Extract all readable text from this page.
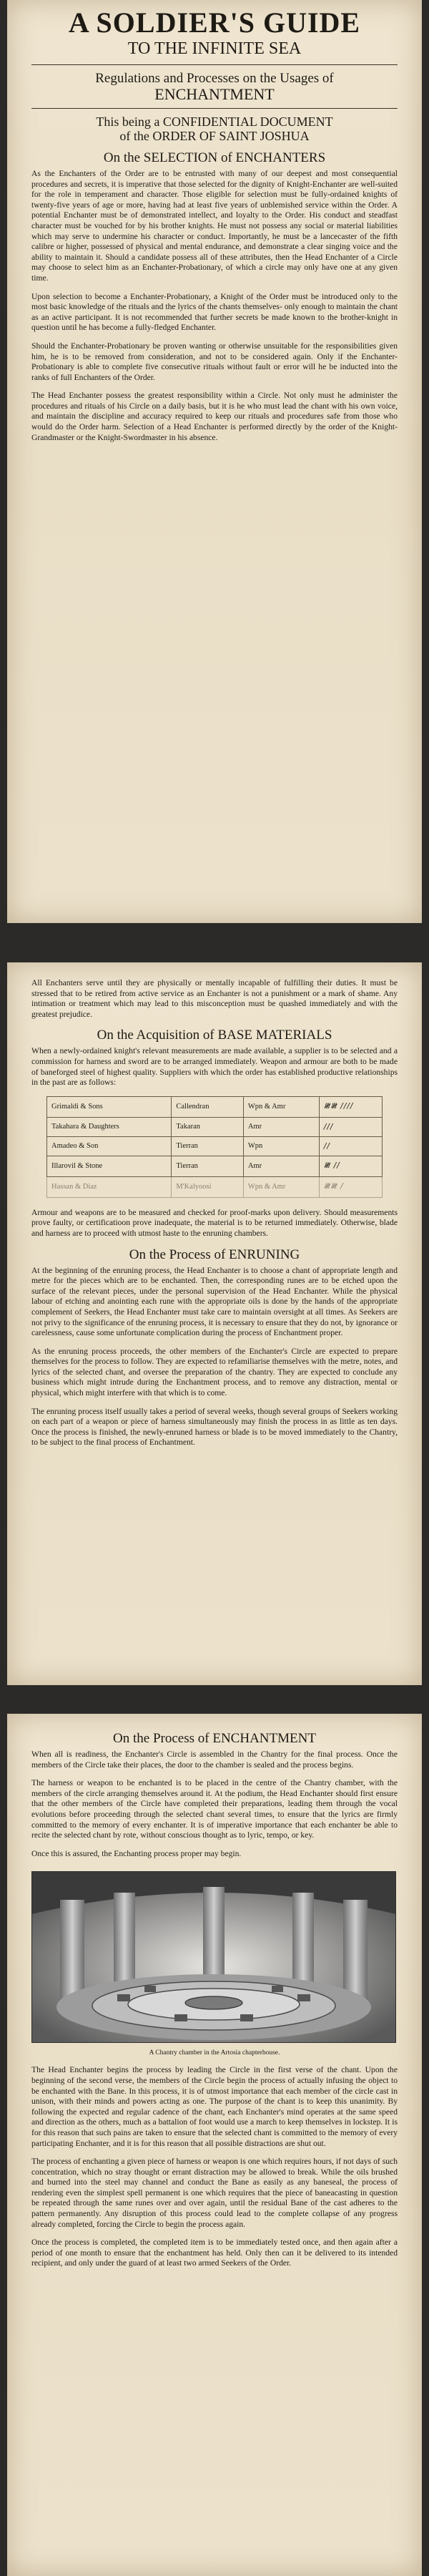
A SOLDIER'S GUIDE
TO THE INFINITE SEA
Regulations and Processes on the Usages of
ENCHANTMENT
This being a CONFIDENTIAL DOCUMENT
of the ORDER OF SAINT JOSHUA
On the SELECTION of ENCHANTERS

As the Enchanters of the Order are to be entrusted with many of our deepest and most consequential procedures and secrets, it is imperative that those selected for the dignity of Knight-Enchanter are well-suited for the role in temperament and character. Those eligible for selection must be fully-ordained knights of twenty-five years of age or more, having had at least five years of unblemished service within the Order. A potential Enchanter must be of demonstrated intellect, and loyalty to the Order. His conduct and steadfast character must be vouched for by his brother knights. He must not possess any social or material liabilities which may serve to undermine his character or conduct. Importantly, he must be a lancecaster of the fifth calibre or higher, possessed of physical and mental endurance, and demonstrate a clear singing voice and the ability to maintain it. Should a candidate possess all of these attributes, then the Head Enchanter of a Circle may choose to select him as an Enchanter-Probationary, of which a circle may only have one at any given time.

Upon selection to become a Enchanter-Probationary, a Knight of the Order must be introduced only to the most basic knowledge of the rituals and the lyrics of the chants themselves- only enough to maintain the chant as an active participant. It is not recommended that further secrets be made known to the brother-knight in question until he has become a fully-fledged Enchanter.

Should the Enchanter-Probationary be proven wanting or otherwise unsuitable for the responsibilities given him, he is to be removed from consideration, and not to be considered again. Only if the Enchanter-Probationary is able to complete five consecutive rituals without fault or error will he be inducted into the ranks of full Enchanters of the Order.

The Head Enchanter possess the greatest responsibility within a Circle. Not only must he administer the procedures and rituals of his Circle on a daily basis, but it is he who must lead the chant with his own voice, and maintain the discipline and accuracy required to keep our rituals and procedures safe from those who would do the Order harm. Selection of a Head Enchanter is performed directly by the order of the Knight-Grandmaster or the Knight-Swordmaster in his absence.

All Enchanters serve until they are physically or mentally incapable of fulfilling their duties. It must be stressed that to be retired from active service as an Enchanter is not a punishment or a mark of shame. Any intimation or treatment which may lead to this misconception must be quashed immediately and with the greatest prejudice.

On the Acquisition of BASE MATERIALS

When a newly-ordained knight's relevant measurements are made available, a supplier is to be selected and a commission for harness and sword are to be arranged immediately. Weapon and armour are both to be made of baneforged steel of highest quality. Suppliers with which the order has established productive relationships in the past are as follows:

Grimaldi & Sons	Callendran	Wpn & Amr	𝍸𝍸 ////
Takahara & Daughters	Takaran	Amr	///
Amadeo & Son	Tierran	Wpn	//
Illarovil & Stone	Tierran	Amr	𝍸 //
Hassan & Diaz	M'Kalyoosi	Wpn & Amr	𝍸𝍸 /

Armour and weapons are to be measured and checked for proof-marks upon delivery. Should measurements prove faulty, or certificatioon prove inadequate, the material is to be returned immediately. Otherwise, blade and harness are to proceed with utmost haste to the enruning chambers.

On the Process of ENRUNING

At the beginning of the enruning process, the Head Enchanter is to choose a chant of appropriate length and metre for the pieces which are to be enchanted. Then, the corresponding runes are to be etched upon the surface of the relevant pieces, under the personal supervision of the Head Enchanter. While the physical labour of etching and anointing each rune with the appropriate oils is done by the hands of the appropriate complement of Seekers, the Head Enchanter must take care to maintain oversight at all times. As Seekers are not privy to the significance of the enruning process, it is necessary to ensure that they do not, by ignorance or carelessness, cause some unfortunate complication during the process of Enchantment proper.

As the enruning process proceeds, the other members of the Enchanter's Circle are expected to prepare themselves for the process to follow. They are expected to refamiliarise themselves with the metre, notes, and lyrics of the selected chant, and oversee the preparation of the chantry. They are expected to conclude any business which might intrude during the Enchantment process, and to remove any distraction, mental or physical, which might interfere with that which is to come.

The enruning process itself usually takes a period of several weeks, though several groups of Seekers working on each part of a weapon or piece of harness simultaneously may finish the process in as little as ten days. Once the process is finished, the newly-enruned harness or blade is to be moved immediately to the Chantry, to be subject to the final process of Enchantment.

On the Process of ENCHANTMENT

When all is readiness, the Enchanter's Circle is assembled in the Chantry for the final process. Once the members of the Circle take their places, the door to the chamber is sealed and the process begins.

The harness or weapon to be enchanted is to be placed in the centre of the Chantry chamber, with the members of the circle arranging themselves around it. At the podium, the Head Enchanter should first ensure that the other members of the Circle have completed their preparations, leading them through the vocal evolutions before proceeding through the selected chant several times, to ensure that the lyrics are firmly committed to the memory of every enchanter. It is of imperative importance that each enchanter be able to recite the selected chant by rote, without conscious thought as to lyric, tempo, or key.

Once this is assured, the Enchanting process proper may begin.

A Chantry chamber in the Artosia chapterhouse.

The Head Enchanter begins the process by leading the Circle in the first verse of the chant. Upon the beginning of the second verse, the members of the Circle begin the process of actually infusing the object to be enchanted with the Bane. In this process, it is of utmost importance that each member of the circle cast in unison, with their minds and powers acting as one. The purpose of the chant is to keep this unanimity. By following the expected and regular cadence of the chant, each Enchanter's mind operates at the same speed and direction as the others, much as a battalion of foot would use a march to keep themselves in lockstep. It is for this reason that such pains are taken to ensure that the selected chant is committed to the memory of every participating Enchanter, and it is for this reason that all possible distractions are shut out.

The process of enchanting a given piece of harness or weapon is one which requires hours, if not days of such concentration, which no stray thought or errant distraction may be allowed to break. While the oils brushed and burned into the steel may channel and conduct the Bane as easily as any baneseal, the process of rendering even the simplest spell permanent is one which requires that the piece of baneacasting in question be repeated through the same runes over and over again, until the residual Bane of the cast adheres to the pattern permanently. Any disruption of this process could lead to the complete collapse of any progress already completed, forcing the Circle to begin the process again.

Once the process is completed, the completed item is to be immediately tested once, and then again after a period of one month to ensure that the enchantment has held. Only then can it be delivered to its intended recipient, and only under the guard of at least two armed Seekers of the Order.
